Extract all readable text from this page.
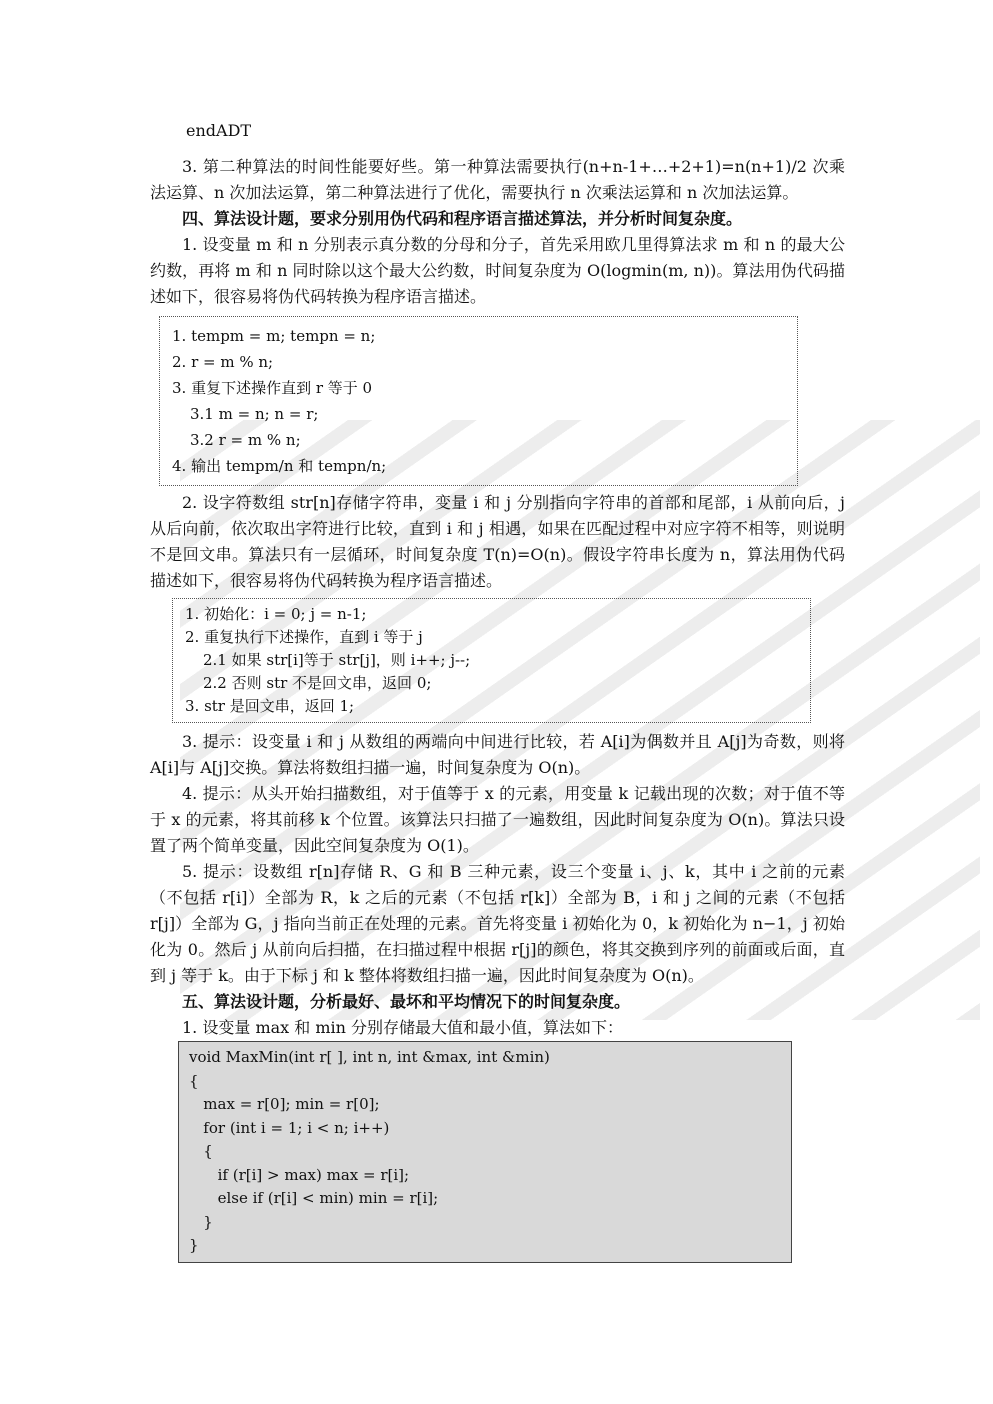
endADT

3. 第二种算法的时间性能要好些。第一种算法需要执行(n+n-1+…+2+1)=n(n+1)/2 次乘法运算、n 次加法运算，第二种算法进行了优化，需要执行 n 次乘法运算和 n 次加法运算。

四、算法设计题，要求分别用伪代码和程序语言描述算法，并分析时间复杂度。

1. 设变量 m 和 n 分别表示真分数的分母和分子，首先采用欧几里得算法求 m 和 n 的最大公约数，再将 m 和 n 同时除以这个最大公约数，时间复杂度为 O(logmin(m, n))。算法用伪代码描述如下，很容易将伪代码转换为程序语言描述。

1. tempm = m; tempn = n;
2. r = m % n;
3. 重复下述操作直到 r 等于 0
3.1 m = n; n = r;
3.2 r = m % n;
4. 输出 tempm/n 和 tempn/n;

2. 设字符数组 str[n]存储字符串，变量 i 和 j 分别指向字符串的首部和尾部，i 从前向后，j 从后向前，依次取出字符进行比较，直到 i 和 j 相遇，如果在匹配过程中对应字符不相等，则说明不是回文串。算法只有一层循环，时间复杂度 T(n)=O(n)。假设字符串长度为 n，算法用伪代码描述如下，很容易将伪代码转换为程序语言描述。

1. 初始化：i = 0; j = n-1;
2. 重复执行下述操作，直到 i 等于 j
2.1 如果 str[i]等于 str[j]，则 i++; j--;
2.2 否则 str 不是回文串，返回 0;
3. str 是回文串，返回 1;

3. 提示：设变量 i 和 j 从数组的两端向中间进行比较，若 A[i]为偶数并且 A[j]为奇数，则将 A[i]与 A[j]交换。算法将数组扫描一遍，时间复杂度为 O(n)。

4. 提示：从头开始扫描数组，对于值等于 x 的元素，用变量 k 记载出现的次数；对于值不等于 x 的元素，将其前移 k 个位置。该算法只扫描了一遍数组，因此时间复杂度为 O(n)。算法只设置了两个简单变量，因此空间复杂度为 O(1)。

5. 提示：设数组 r[n]存储 R、G 和 B 三种元素，设三个变量 i、j、k，其中 i 之前的元素（不包括 r[i]）全部为 R，k 之后的元素（不包括 r[k]）全部为 B，i 和 j 之间的元素（不包括 r[j]）全部为 G，j 指向当前正在处理的元素。首先将变量 i 初始化为 0，k 初始化为 n−1，j 初始化为 0。然后 j 从前向后扫描，在扫描过程中根据 r[j]的颜色，将其交换到序列的前面或后面，直到 j 等于 k。由于下标 j 和 k 整体将数组扫描一遍，因此时间复杂度为 O(n)。

五、算法设计题，分析最好、最坏和平均情况下的时间复杂度。

1. 设变量 max 和 min 分别存储最大值和最小值，算法如下：

void MaxMin(int r[ ], int n, int &max, int &min)
{
max = r[0]; min = r[0];
for (int i = 1; i < n; i++)
{
if (r[i] > max) max = r[i];
else if (r[i] < min) min = r[i];
}
}
